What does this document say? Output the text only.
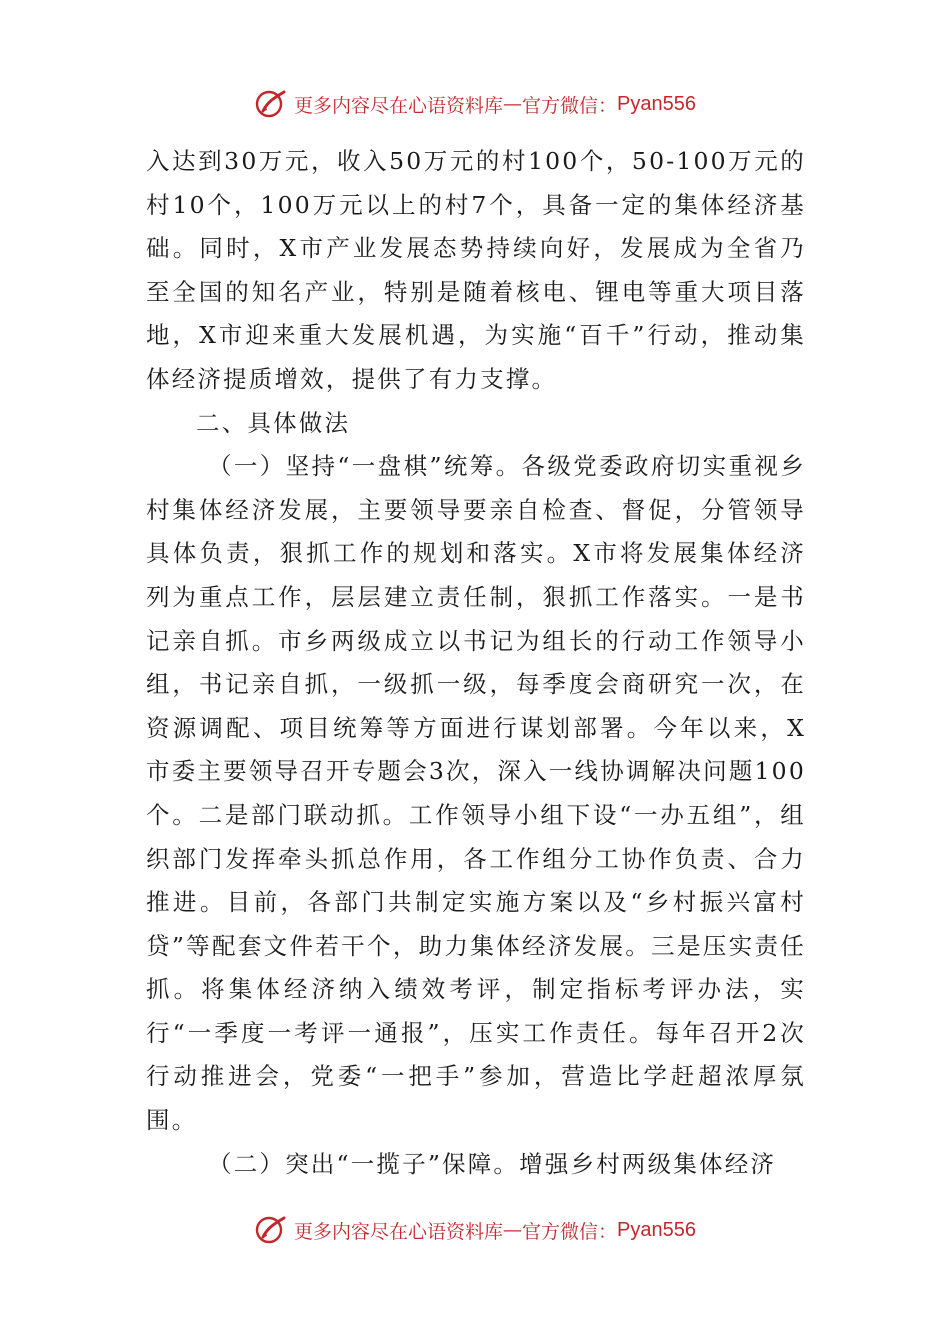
更多内容尽在心语资料库 — 官方微信： Pyan556

入达到30万元，收入50万元的村100个，50-100万元的村10个，100万元以上的村7个，具备一定的集体经济基础。同时，X市产业发展态势持续向好，发展成为全省乃至全国的知名产业，特别是随着核电、锂电等重大项目落地，X市迎来重大发展机遇，为实施“百千”行动，推动集体经济提质增效，提供了有力支撑。

二、具体做法

（一）坚持“一盘棋”统筹。各级党委政府切实重视乡村集体经济发展，主要领导要亲自检查、督促，分管领导具体负责，狠抓工作的规划和落实。X市将发展集体经济列为重点工作，层层建立责任制，狠抓工作落实。一是书记亲自抓。市乡两级成立以书记为组长的行动工作领导小组，书记亲自抓，一级抓一级，每季度会商研究一次，在资源调配、项目统筹等方面进行谋划部署。今年以来，X市委主要领导召开专题会3次，深入一线协调解决问题100个。二是部门联动抓。工作领导小组下设“一办五组”，组织部门发挥牵头抓总作用，各工作组分工协作负责、合力推进。目前，各部门共制定实施方案以及“乡村振兴富村贷”等配套文件若干个，助力集体经济发展。三是压实责任抓。将集体经济纳入绩效考评，制定指标考评办法，实行“一季度一考评一通报”，压实工作责任。每年召开2次行动推进会，党委“一把手”参加，营造比学赶超浓厚氛围。

（二）突出“一揽子”保障。增强乡村两级集体经济

更多内容尽在心语资料库 — 官方微信： Pyan556
